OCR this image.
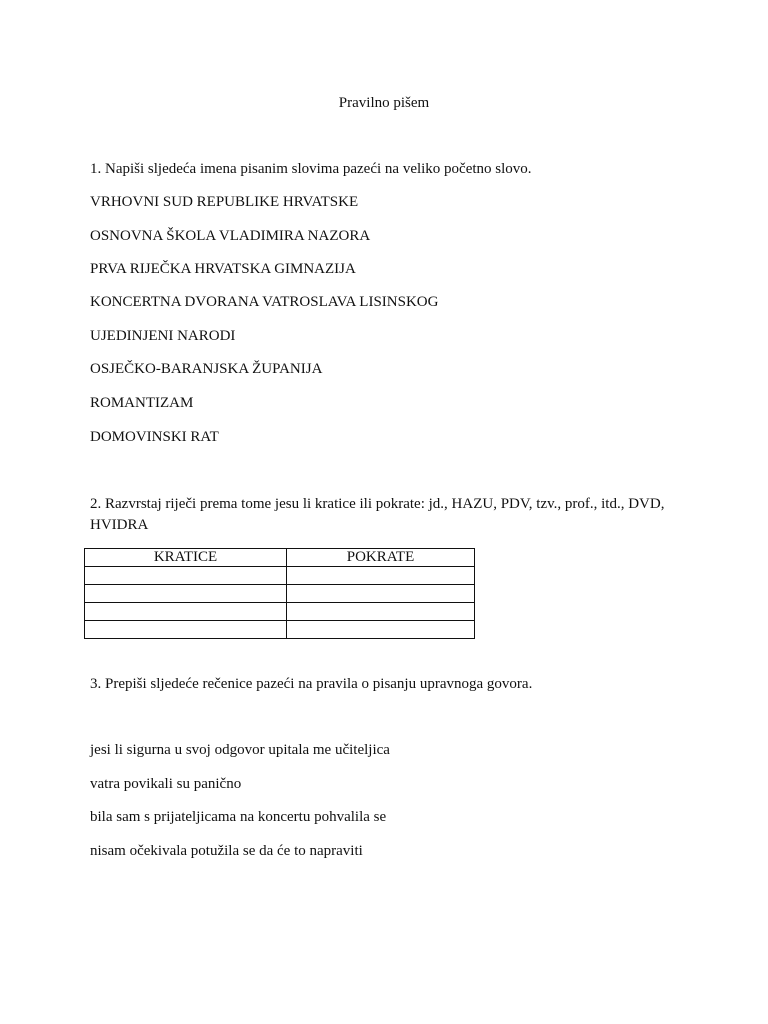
Pravilno pišem
1. Napiši sljedeća imena pisanim slovima pazeći na veliko početno slovo.
VRHOVNI SUD REPUBLIKE HRVATSKE
OSNOVNA ŠKOLA VLADIMIRA NAZORA
PRVA RIJEČKA HRVATSKA GIMNAZIJA
KONCERTNA DVORANA VATROSLAVA LISINSKOG
UJEDINJENI NARODI
OSJEČKO-BARANJSKA ŽUPANIJA
ROMANTIZAM
DOMOVINSKI RAT
2. Razvrstaj riječi prema tome jesu li kratice ili pokrate: jd., HAZU, PDV, tzv., prof., itd., DVD, HVIDRA
KRATICE	POKRATE

3. Prepiši sljedeće rečenice pazeći na pravila o pisanju upravnoga govora.
jesi li sigurna u svoj odgovor upitala me učiteljica
vatra povikali su panično
bila sam s prijateljicama na koncertu pohvalila se
nisam očekivala potužila se da će to napraviti
